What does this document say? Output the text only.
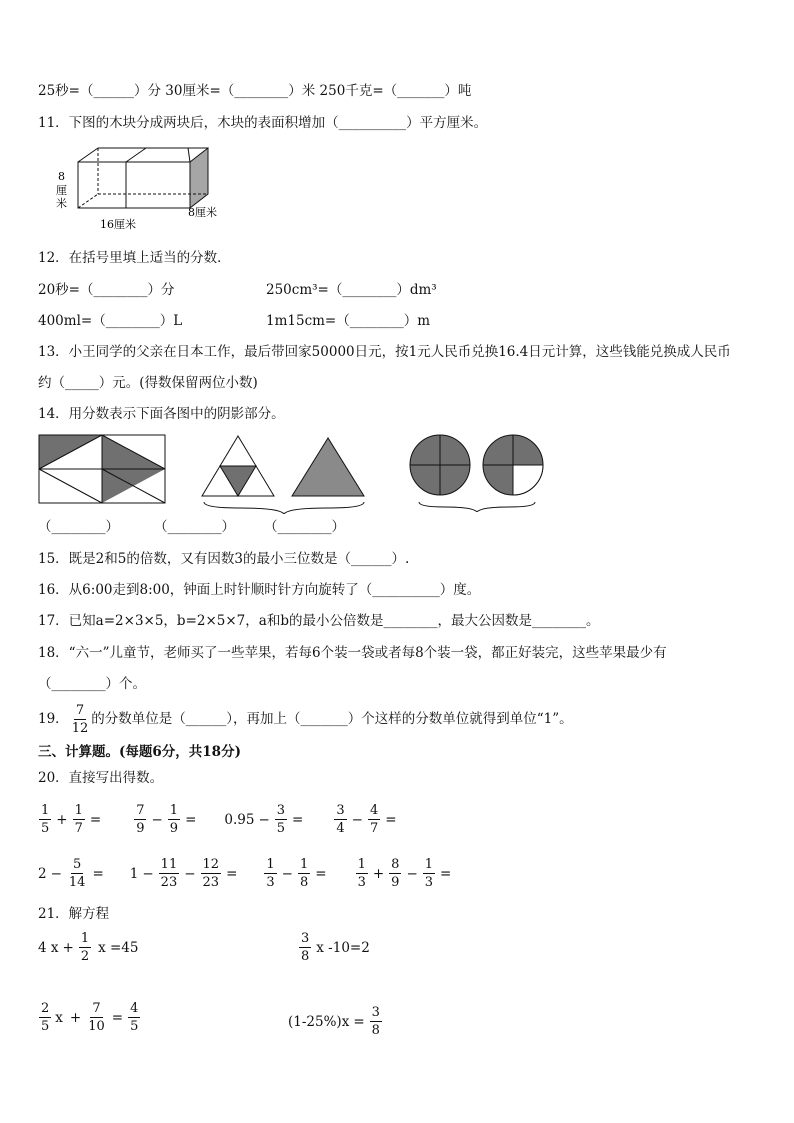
25秒=（______）分 30厘米=（________）米 250千克=（_______）吨
11．下图的木块分成两块后，木块的表面积增加（__________）平方厘米。
8
厘
米
16厘米
8厘米
12．在括号里填上适当的分数．
20秒=（________）分	250cm³=（________）dm³
400ml=（________）L	1m15cm=（________）m
13．小王同学的父亲在日本工作，最后带回家50000日元，按1元人民币兑换16.4日元计算，这些钱能兑换成人民币
约（_____）元。(得数保留两位小数)
14．用分数表示下面各图中的阴影部分。
（________）	（________） （________）
15．既是2和5的倍数，又有因数3的最小三位数是（______）.
16．从6:00走到8:00，钟面上时针顺时针方向旋转了（__________）度。
17．已知a=2×3×5，b=2×5×7，a和b的最小公倍数是________，最大公因数是________。
18．“六一”儿童节，老师买了一些苹果，若每6个装一袋或者每8个装一袋，都正好装完，这些苹果最少有
（________）个。
19． $\frac{7}{12}$ 的分数单位是（______），再加上（_______）个这样的分数单位就得到单位“1”。
三、计算题。(每题6分，共18分)
20．直接写出得数。
$\frac{1}{5} + \frac{1}{7}$ =	$\frac{7}{9} - \frac{1}{9} = 0.95 - \frac{3}{5} = \frac{3}{4} - \frac{4}{7}$ =
$2 - \frac{5}{14} = 1 - \frac{11}{23} - \frac{12}{23} = \frac{1}{3} - \frac{1}{8} = \frac{1}{3} + \frac{8}{9} - \frac{1}{3}$ =
21．解方程
4 $x + \frac{1}{2}$ x =45	$\frac{3}{8}$ x -10=2
$\frac{2}{5}$ $x + \frac{7}{10} = \frac{4}{5}$	$(1-25\%)x = \frac{3}{8}$
